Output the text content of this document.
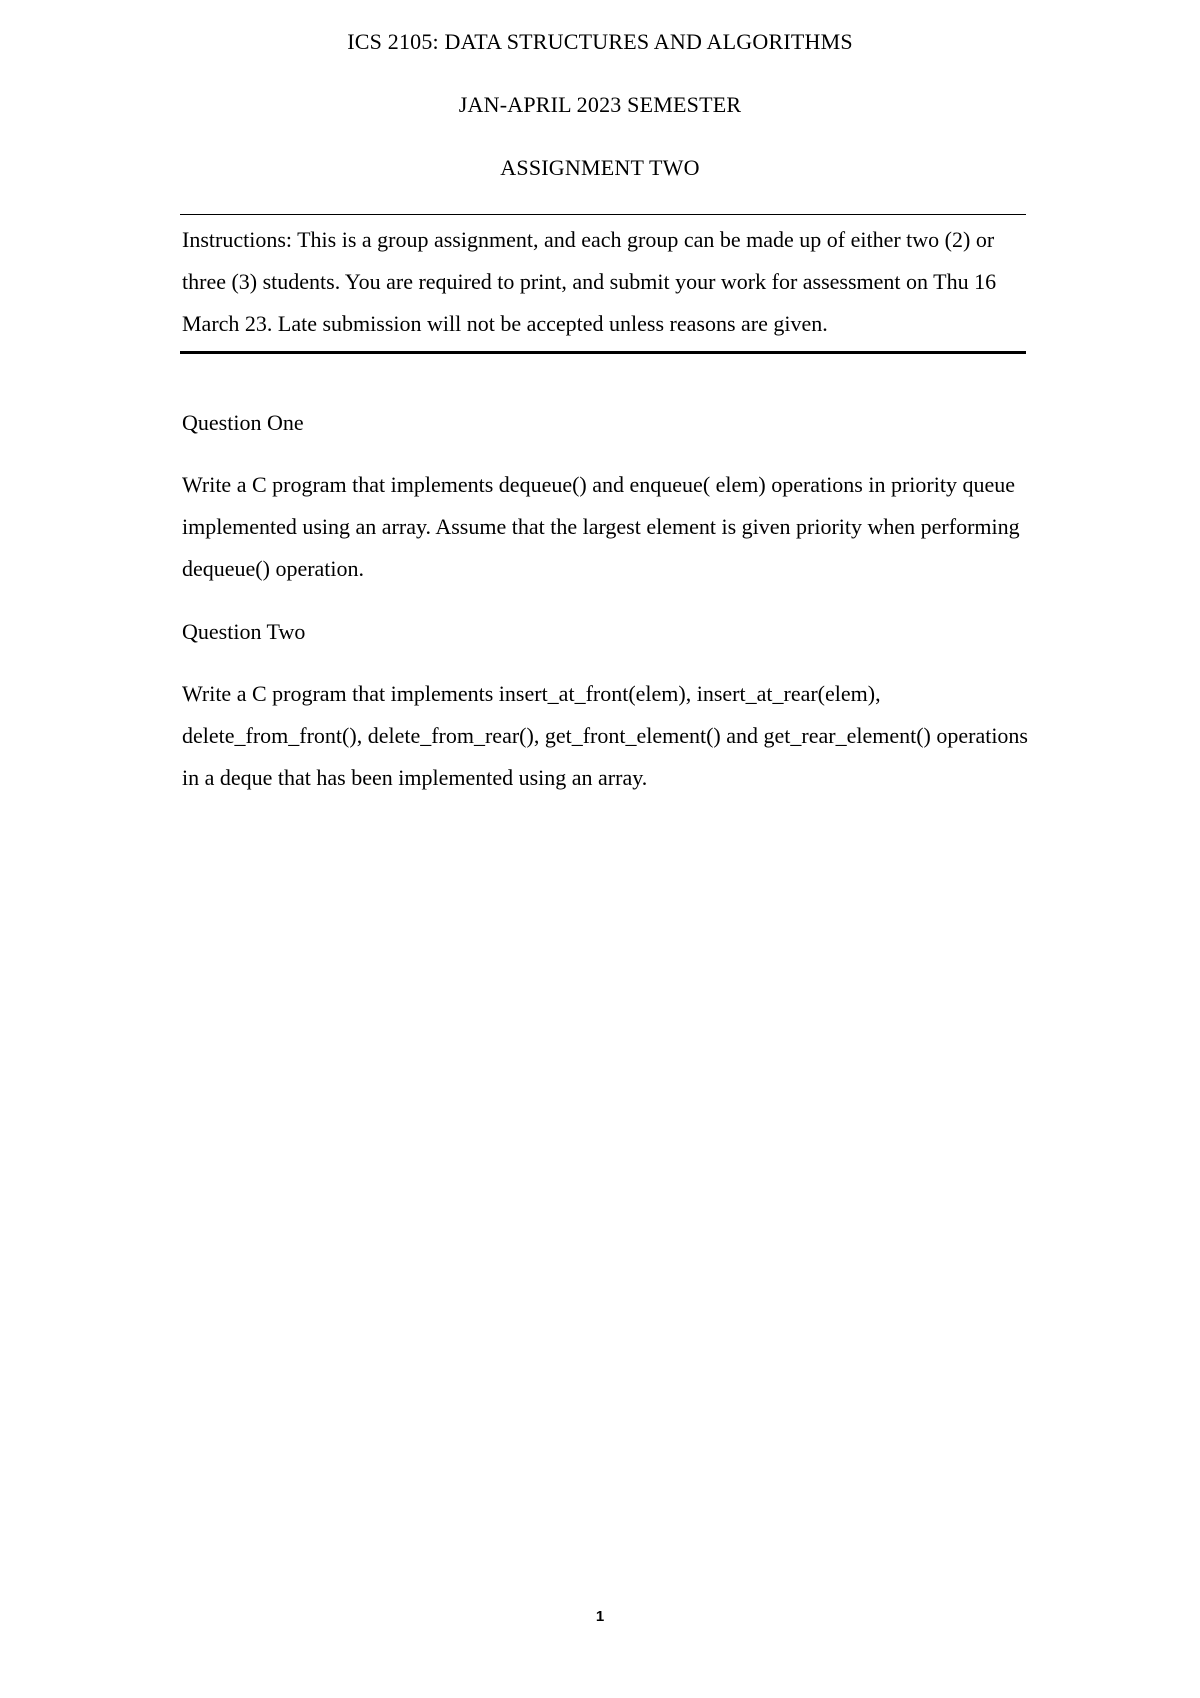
ICS 2105: DATA STRUCTURES AND ALGORITHMS
JAN-APRIL 2023 SEMESTER
ASSIGNMENT TWO

Instructions: This is a group assignment, and each group can be made up of either two (2) or three (3) students. You are required to print, and submit your work for assessment on Thu 16 March 23. Late submission will not be accepted unless reasons are given.

Question One

Write a C program that implements dequeue() and enqueue( elem) operations in priority queue implemented using an array. Assume that the largest element is given priority when performing dequeue() operation.

Question Two

Write a C program that implements insert_at_front(elem), insert_at_rear(elem), delete_from_front(), delete_from_rear(), get_front_element() and get_rear_element() operations in a deque that has been implemented using an array.

1
